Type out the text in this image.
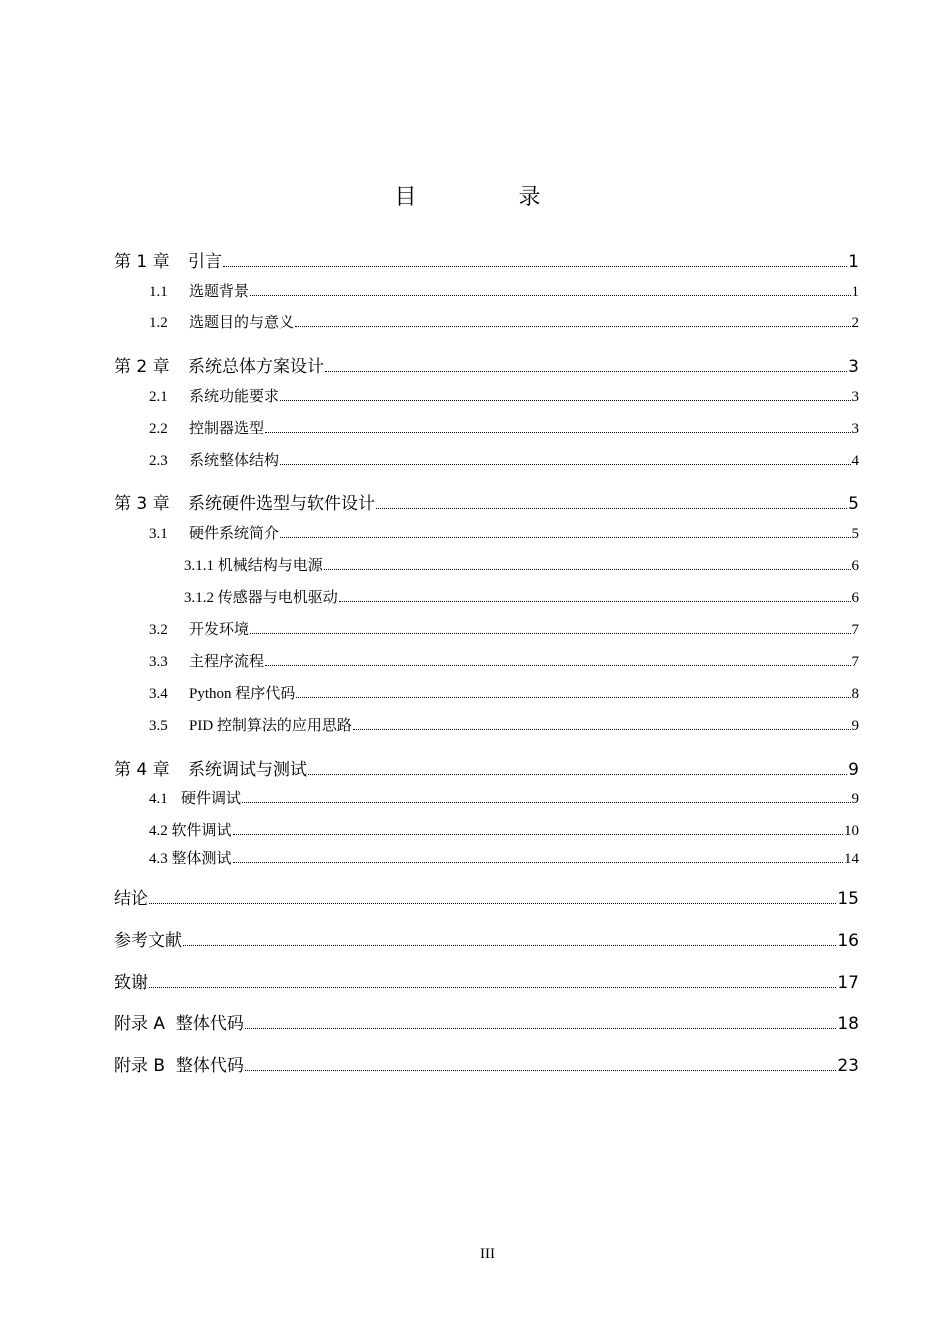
目　录
第 1 章	引言	1
1.1	选题背景	1
1.2	选题目的与意义	2
第 2 章	系统总体方案设计	3
2.1	系统功能要求	3
2.2	控制器选型	3
2.3	系统整体结构	4
第 3 章	系统硬件选型与软件设计	5
3.1	硬件系统简介	5
3.1.1 机械结构与电源	6
3.1.2 传感器与电机驱动	6
3.2	开发环境	7
3.3	主程序流程	7
3.4	Python 程序代码	8
3.5	PID 控制算法的应用思路	9
第 4 章	系统调试与测试	9
4.1 硬件调试	9
4.2 软件调试	10
4.3 整体测试	14
结论	15
参考文献	16
致谢	17
附录 A  整体代码	18
附录 B  整体代码	23
III
